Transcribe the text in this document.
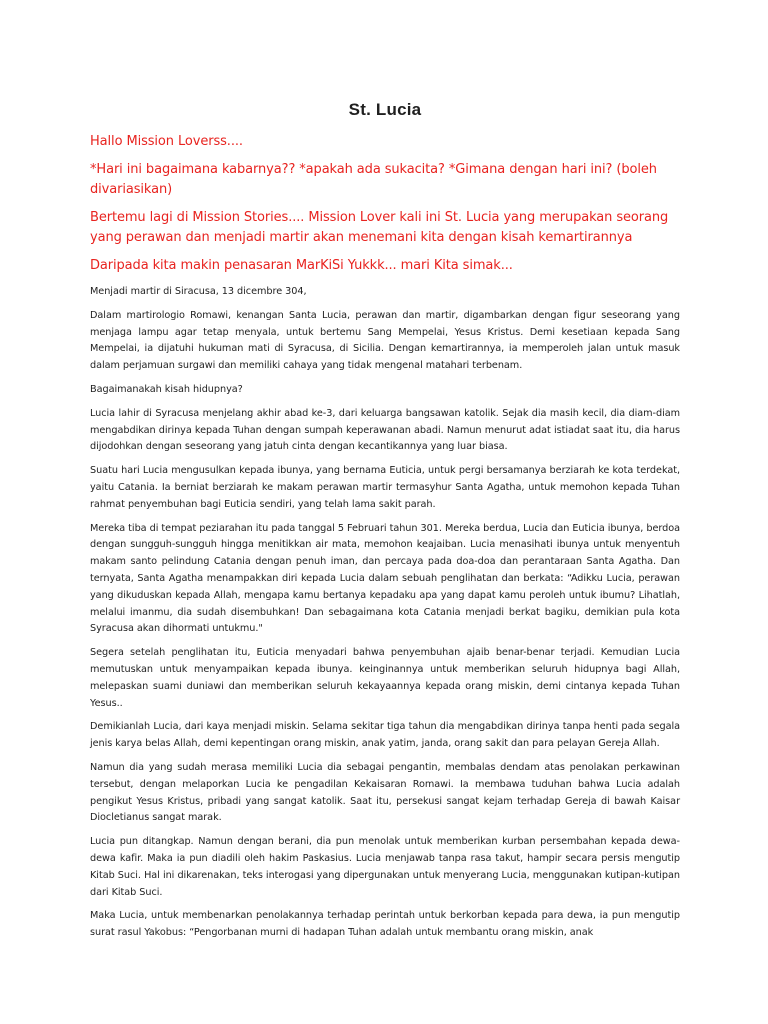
St. Lucia

Hallo Mission Loverss....

*Hari ini bagaimana kabarnya?? *apakah ada sukacita? *Gimana dengan hari ini? (boleh divariasikan)

Bertemu lagi di Mission Stories.... Mission Lover kali ini St. Lucia yang merupakan seorang yang perawan dan menjadi martir akan menemani kita dengan kisah kemartirannya

Daripada kita makin penasaran MarKiSi Yukkk... mari Kita simak...

Menjadi martir di Siracusa, 13 dicembre 304,

Dalam martirologio Romawi, kenangan Santa Lucia, perawan dan martir, digambarkan dengan figur seseorang yang menjaga lampu agar tetap menyala, untuk bertemu Sang Mempelai, Yesus Kristus. Demi kesetiaan kepada Sang Mempelai, ia dijatuhi hukuman mati di Syracusa, di Sicilia. Dengan kemartirannya, ia memperoleh jalan untuk masuk dalam perjamuan surgawi dan memiliki cahaya yang tidak mengenal matahari terbenam.

Bagaimanakah kisah hidupnya?

Lucia lahir di Syracusa menjelang akhir abad ke-3, dari keluarga bangsawan katolik. Sejak dia masih kecil, dia diam-diam mengabdikan dirinya kepada Tuhan dengan sumpah keperawanan abadi. Namun menurut adat istiadat saat itu, dia harus dijodohkan dengan seseorang yang jatuh cinta dengan kecantikannya yang luar biasa.

Suatu hari Lucia mengusulkan kepada ibunya, yang bernama Euticia, untuk pergi bersamanya berziarah ke kota terdekat, yaitu Catania. Ia berniat berziarah ke makam perawan martir termasyhur Santa Agatha, untuk memohon kepada Tuhan rahmat penyembuhan bagi Euticia sendiri, yang telah lama sakit parah.

Mereka tiba di tempat peziarahan itu pada tanggal 5 Februari tahun 301. Mereka berdua, Lucia dan Euticia ibunya, berdoa dengan sungguh-sungguh hingga menitikkan air mata, memohon keajaiban. Lucia menasihati ibunya untuk menyentuh makam santo pelindung Catania dengan penuh iman, dan percaya pada doa-doa dan perantaraan Santa Agatha. Dan ternyata, Santa Agatha menampakkan diri kepada Lucia dalam sebuah penglihatan dan berkata: “Adikku Lucia, perawan yang dikuduskan kepada Allah, mengapa kamu bertanya kepadaku apa yang dapat kamu peroleh untuk ibumu? Lihatlah, melalui imanmu, dia sudah disembuhkan! Dan sebagaimana kota Catania menjadi berkat bagiku, demikian pula kota Syracusa akan dihormati untukmu."

Segera setelah penglihatan itu, Euticia menyadari bahwa penyembuhan ajaib benar-benar terjadi. Kemudian Lucia memutuskan untuk menyampaikan kepada ibunya. keinginannya untuk memberikan seluruh hidupnya bagi Allah, melepaskan suami duniawi dan memberikan seluruh kekayaannya kepada orang miskin, demi cintanya kepada Tuhan Yesus..

Demikianlah Lucia, dari kaya menjadi miskin. Selama sekitar tiga tahun dia mengabdikan dirinya tanpa henti pada segala jenis karya belas Allah, demi kepentingan orang miskin, anak yatim, janda, orang sakit dan para pelayan Gereja Allah.

Namun dia yang sudah merasa memiliki Lucia dia sebagai pengantin, membalas dendam atas penolakan perkawinan tersebut, dengan melaporkan Lucia ke pengadilan Kekaisaran Romawi. Ia membawa tuduhan bahwa Lucia adalah pengikut Yesus Kristus, pribadi yang sangat katolik. Saat itu, persekusi sangat kejam terhadap Gereja di bawah Kaisar Diocletianus sangat marak.

Lucia pun ditangkap. Namun dengan berani, dia pun menolak untuk memberikan kurban persembahan kepada dewa-dewa kafir. Maka ia pun diadili oleh hakim Paskasius. Lucia menjawab tanpa rasa takut, hampir secara persis mengutip Kitab Suci. Hal ini dikarenakan, teks interogasi yang dipergunakan untuk menyerang Lucia, menggunakan kutipan-kutipan dari Kitab Suci.

Maka Lucia, untuk membenarkan penolakannya terhadap perintah untuk berkorban kepada para dewa, ia pun mengutip surat rasul Yakobus: “Pengorbanan murni di hadapan Tuhan adalah untuk membantu orang miskin, anak
